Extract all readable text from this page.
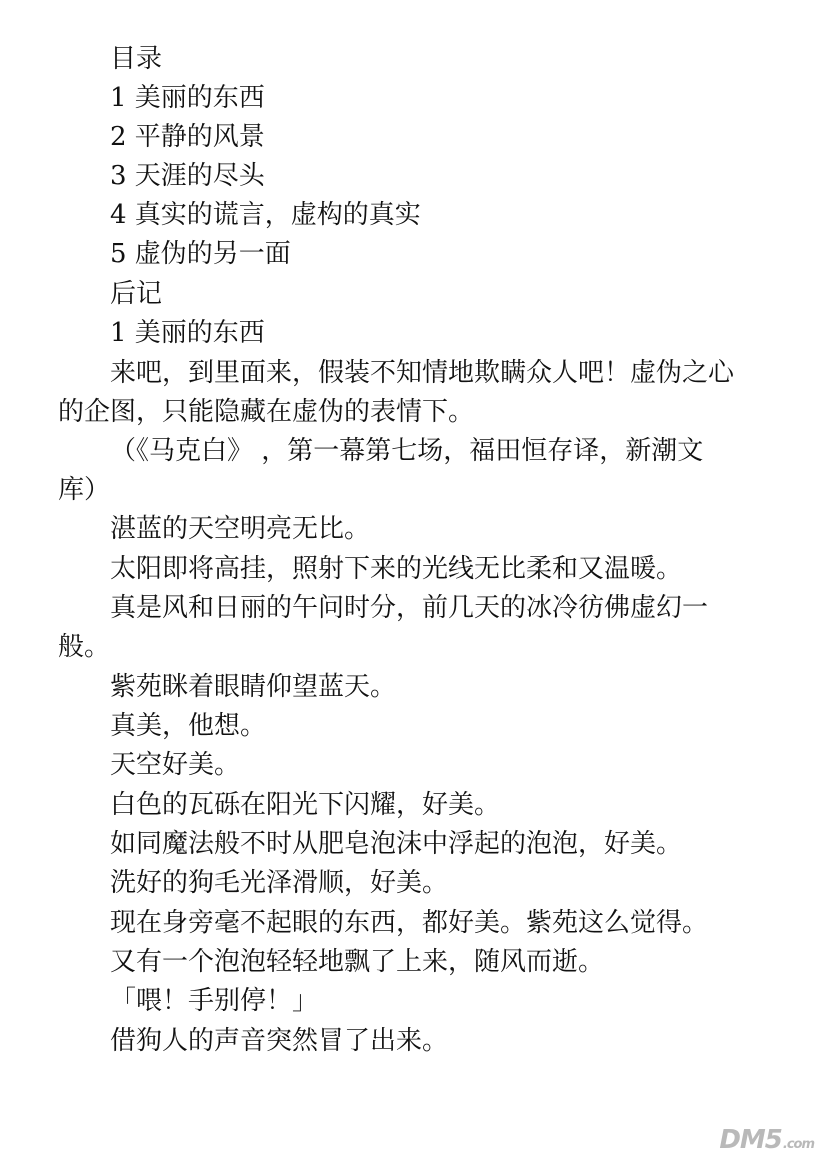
目录
1 美丽的东西
2 平静的风景
3 天涯的尽头
4 真实的谎言，虚构的真实
5 虚伪的另一面
后记
1 美丽的东西
来吧，到里面来，假装不知情地欺瞒众人吧！虚伪之心
的企图，只能隐藏在虚伪的表情下。
（《马克白》 ，第一幕第七场，福田恒存译，新潮文
库）
湛蓝的天空明亮无比。
太阳即将高挂，照射下来的光线无比柔和又温暖。
真是风和日丽的午问时分，前几天的冰冷彷佛虚幻一
般。
紫苑眯着眼睛仰望蓝天。
真美，他想。
天空好美。
白色的瓦砾在阳光下闪耀，好美。
如同魔法般不时从肥皂泡沫中浮起的泡泡，好美。
洗好的狗毛光泽滑顺，好美。
现在身旁毫不起眼的东西，都好美。紫苑这么觉得。
又有一个泡泡轻轻地飘了上来，随风而逝。
「喂！手别停！」
借狗人的声音突然冒了出来。
DM5 .com
